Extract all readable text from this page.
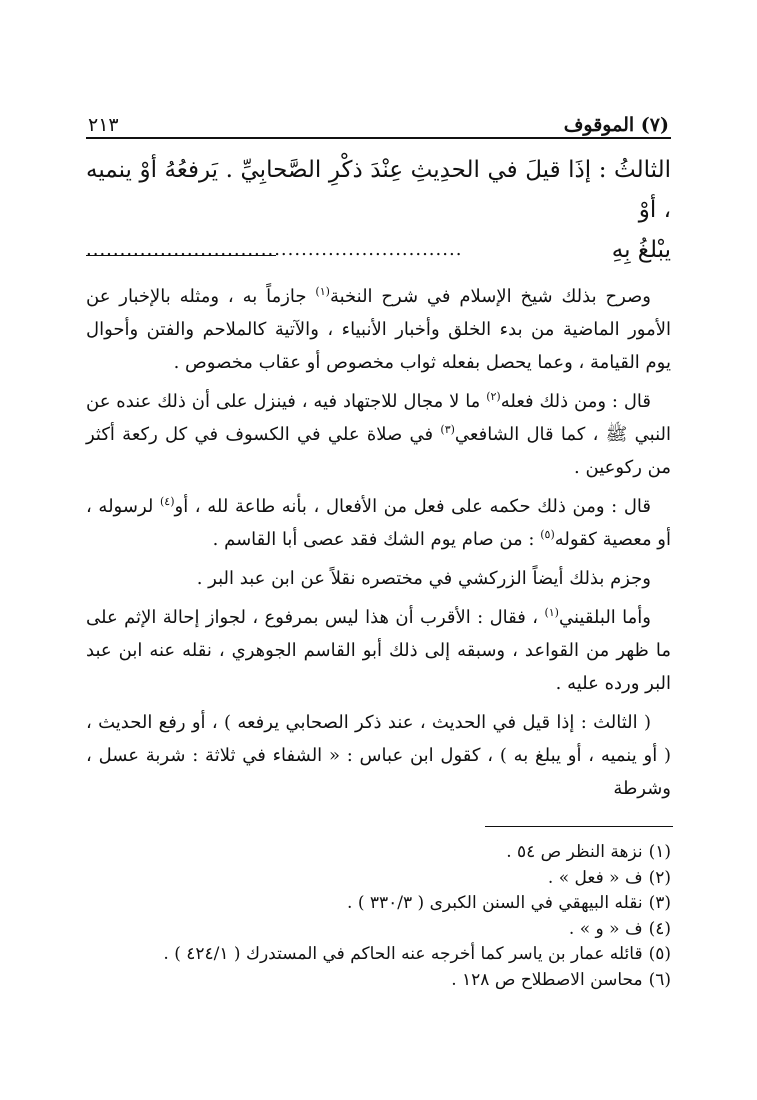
(٧) الموقوف
٢١٣

الثالثُ : إذَا قيلَ في الحدِيثِ عِنْدَ ذكْرِ الصَّحابِيِّ . يَرفعُهُ أوْ ينميه ، أوْ

يبْلغُ بِهِ
........................................................

وصرح بذلك شيخ الإسلام في شرح النخبة$^{(١)}$ جازماً به ، ومثله بالإخبار عن الأمور الماضية من بدء الخلق وأخبار الأنبياء ، والآتية كالملاحم والفتن وأحوال يوم القيامة ، وعما يحصل بفعله ثواب مخصوص أو عقاب مخصوص .

قال : ومن ذلك فعله$^{(٢)}$ ما لا مجال للاجتهاد فيه ، فينزل على أن ذلك عنده عن النبي ﷺ ، كما قال الشافعي$^{(٣)}$ في صلاة علي في الكسوف في كل ركعة أكثر من ركوعين .

قال : ومن ذلك حكمه على فعل من الأفعال ، بأنه طاعة لله ، أو$^{(٤)}$ لرسوله ، أو معصية كقوله$^{(٥)}$ : من صام يوم الشك فقد عصى أبا القاسم .

وجزم بذلك أيضاً الزركشي في مختصره نقلاً عن ابن عبد البر .

وأما البلقيني$^{(١)}$ ، فقال : الأقرب أن هذا ليس بمرفوع ، لجواز إحالة الإثم على ما ظهر من القواعد ، وسبقه إلى ذلك أبو القاسم الجوهري ، نقله عنه ابن عبد البر ورده عليه .

( الثالث : إذا قيل في الحديث ، عند ذكر الصحابي يرفعه ) ، أو رفع الحديث ، ( أو ينميه ، أو يبلغ به ) ، كقول ابن عباس : « الشفاء في ثلاثة : شربة عسل ، وشرطة

(١)
نزهة النظر ص ٥٤ .
(٢)
ف « فعل » .
(٣)
نقله البيهقي في السنن الكبرى ( ٣٣٠/٣ ) .
(٤)
ف « و » .
(٥)
قائله عمار بن ياسر كما أخرجه عنه الحاكم في المستدرك ( ٤٢٤/١ ) .
(٦)
محاسن الاصطلاح ص ١٢٨ .
